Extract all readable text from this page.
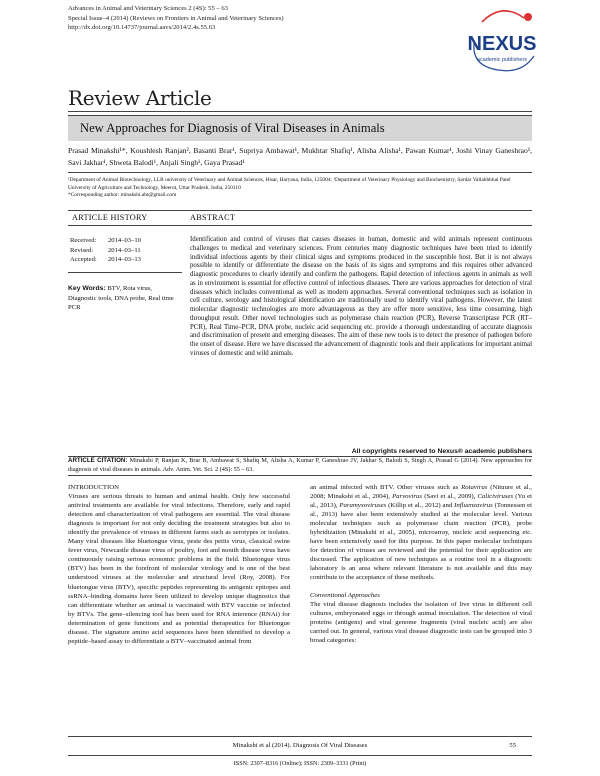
Advances in Animal and Veterinary Sciences 2 (4S): 55 – 63
Special Issue–4 (2014) (Reviews on Frontiers in Animal and Veterinary Sciences)
http://dx.doi.org/10.14737/journal.aavs/2014/2.4s.55.63
NEXUS
academic publishers
Review Article
New Approaches for Diagnosis of Viral Diseases in Animals
Prasad Minakshi¹*, Koushlesh Ranjan², Basanti Brar¹, Supriya Ambawat¹, Mukhtar Shafiq¹, Alisha Alisha¹, Pawan Kumar¹, Joshi Vinay Ganeshrao¹, Savi Jakhar¹, Shweta Balodi¹, Anjali Singh¹, Gaya Prasad¹
¹Department of Animal Biotechnology, LLR university of Veterinary and Animal Sciences, Hisar, Haryana, India, 125004; ²Department of Veterinary Physiology and Biochemistry, Sardar Vallabhbhai Patel University of Agriculture and Technology, Meerut, Uttar Pradesh, India, 250110
*Corresponding author: minakshi.abt@gmail.com
ARTICLE HISTORY	ABSTRACT
Received:	2014–03–10
Revised:	2014–03–11
Accepted:	2014–03–13
Key Words: BTV, Rota virus, Diagnostic tools, DNA probe, Real time PCR
Identification and control of viruses that causes diseases in human, domestic and wild animals represent continuous challenges to medical and veterinary sciences. From centuries many diagnostic techniques have been tried to identify individual infectious agents by their clinical signs and symptoms produced in the susceptible host. But it is not always possible to identify or differentiate the disease on the basis of its signs and symptoms and this requires other advanced diagnostic procedures to clearly identify and confirm the pathogens. Rapid detection of infectious agents in animals as well as in environment is essential for effective control of infectious diseases. There are various approaches for detection of viral diseases which includes conventional as well as modern approaches. Several conventional techniques such as isolation in cell culture, serology and histological identification are traditionally used to identify viral pathogens. However, the latest molecular diagnostic technologies are more advantageous as they are offer more sensitive, less time consuming, high throughput result. Other novel technologies such as polymerase chain reaction (PCR), Reverse Transcriptase PCR (RT–PCR), Real Time–PCR, DNA probe, nucleic acid sequencing etc. provide a thorough understanding of accurate diagnosis and discrimination of present and emerging diseases. The aim of these new tools is to detect the presence of pathogen before the onset of disease. Here we have discussed the advancement of diagnostic tools and their applications for important animal viruses of domestic and wild animals.
All copyrights reserved to Nexus® academic publishers
ARTICLE CITATION: Minakshi P, Ranjan K, Brar B, Ambawat S, Shafiq M, Alisha A, Kumar P, Ganeshrao JV, Jakhar S, Balodi S, Singh A, Prasad G (2014). New approaches for diagnosis of viral diseases in animals. Adv. Anim. Vet. Sci. 2 (4S): 55 – 63.
INTRODUCTION
Viruses are serious threats to human and animal health. Only few successful antiviral treatments are available for viral infections. Therefore, early and rapid detection and characterization of viral pathogens are essential. The viral disease diagnosis is important for not only deciding the treatment strategies but also to identify the prevalence of viruses in different farms such as serotypes or isolates. Many viral diseases like bluetongue virus, peste des petits virus, classical swine fever virus, Newcastle disease virus of poultry, foot and mouth disease virus have continuously raising serious economic problems in the field. Bluetongue virus (BTV) has been in the forefront of molecular virology and is one of the best understood viruses at the molecular and structural level (Roy, 2008). For bluetongue virus (BTV), specific peptides representing its antigenic epitopes and ssRNA–binding domains have been utilized to develop unique diagnostics that can differentiate whether an animal is vaccinated with BTV vaccine or infected by BTVs. The gene–silencing tool has been used for RNA interence (RNAi) for determination of gene functions and as potential therapeutics for Bluetongue disease. The signature amino acid sequences have been identified to develop a peptide–based assay to differentiate a BTV–vaccinated animal from
an animal infected with BTV. Other viruses such as Rotavirus (Nituure et al., 2008; Minakshi et al., 2004), Parvovirus (Savi et al., 2009), Caliciviruses (Yu et al., 2013), Paramyxoviruses (Killip et al., 2012) and Influenzavirus (Tonnessen et al., 2013) have also been extensively studied at the molecular level. Various molecular techniques such as polymerase chain reaction (PCR), probe hybridization (Minakshi et al., 2005), microarray, nucleic acid sequencing etc. have been extensively used for this purpose. In this paper molecular techniques for detection of viruses are reviewed and the potential for their application are discussed. The application of new techniques as a routine tool in a diagnostic laboratory is an area where relevant literature is not available and this may contribute to the acceptance of these methods.
Conventional Approaches
The viral disease diagnosis includes the isolation of live virus in different cell cultures, embryonated eggs or through animal inoculation. The detection of viral proteins (antigens) and viral genome fragments (viral nucleic acid) are also carried out. In general, various viral disease diagnostic tests can be grouped into 3 broad categories:
Minakshi et al (2014). Diagnosis Of Viral Diseases	55
ISSN: 2307–8316 (Online); ISSN: 2309–3331 (Print)
